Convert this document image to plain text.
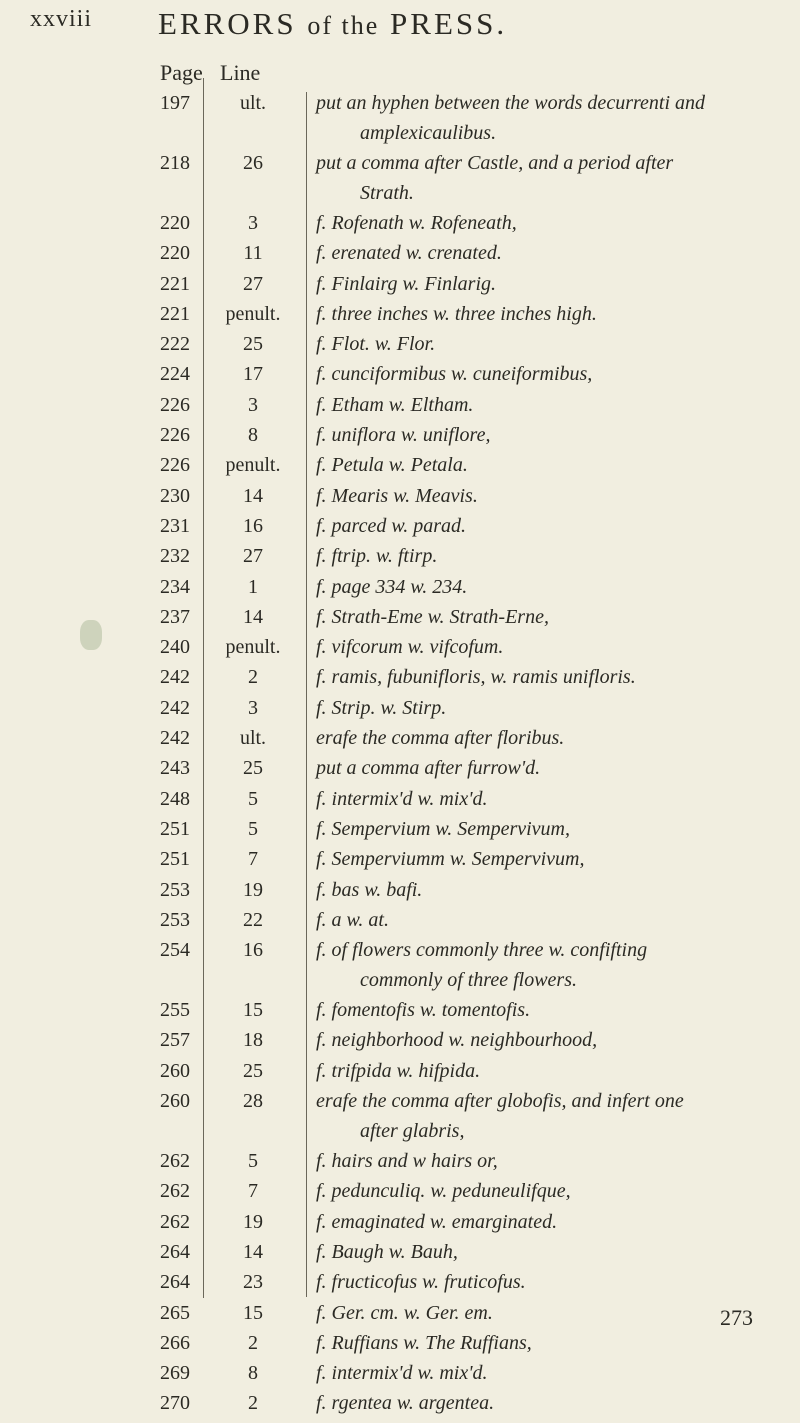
xxviii ERRORS of the PRESS.
Page Line
197	ult.	put an hyphen between the words decurrenti and
amplexicaulibus.
218	26	put a comma after Castle, and a period after
Strath.
220	3	f. Rofenath w. Rofeneath,
220	11	f. erenated w. crenated.
221	27	f. Finlairg w. Finlarig.
221	penult.	f. three inches w. three inches high.
222	25	f. Flot. w. Flor.
224	17	f. cunciformibus w. cuneiformibus,
226	3	f. Etham w. Eltham.
226	8	f. uniflora w. uniflore,
226	penult.	f. Petula w. Petala.
230	14	f. Mearis w. Meavis.
231	16	f. parced w. parad.
232	27	f. ftrip. w. ftirp.
234	1	f. page 334 w. 234.
237	14	f. Strath-Eme w. Strath-Erne,
240	penult.	f. vifcorum w. vifcofum.
242	2	f. ramis, fubunifloris, w. ramis unifloris.
242	3	f. Strip. w. Stirp.
242	ult.	erafe the comma after floribus.
243	25	put a comma after furrow'd.
248	5	f. intermix'd w. mix'd.
251	5	f. Sempervium w. Sempervivum,
251	7	f. Semperviumm w. Sempervivum,
253	19	f. bas w. bafi.
253	22	f. a w. at.
254	16	f. of flowers commonly three w. confifting
commonly of three flowers.
255	15	f. fomentofis w. tomentofis.
257	18	f. neighborhood w. neighbourhood,
260	25	f. trifpida w. hifpida.
260	28	erafe the comma after globofis, and infert one
after glabris,
262	5	f. hairs and w hairs or,
262	7	f. pedunculiq. w. peduneulifque,
262	19	f. emaginated w. emarginated.
264	14	f. Baugh w. Bauh,
264	23	f. fructicofus w. fruticofus.
265	15	f. Ger. cm. w. Ger. em.
266	2	f. Ruffians w. The Ruffians,
269	8	f. intermix'd w. mix'd.
270	2	f. rgentea w. argentea.
273
